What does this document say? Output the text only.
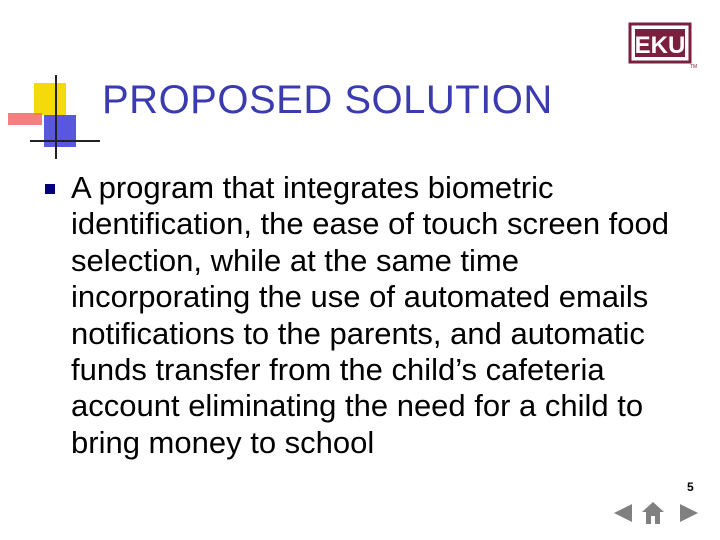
PROPOSED SOLUTION
EKU
TM
A program that integrates biometric identification, the ease of touch screen food selection, while at the same time incorporating the use of automated emails notifications to the parents, and automatic funds transfer from the child’s cafeteria account eliminating the need for a child to bring money to school
5
